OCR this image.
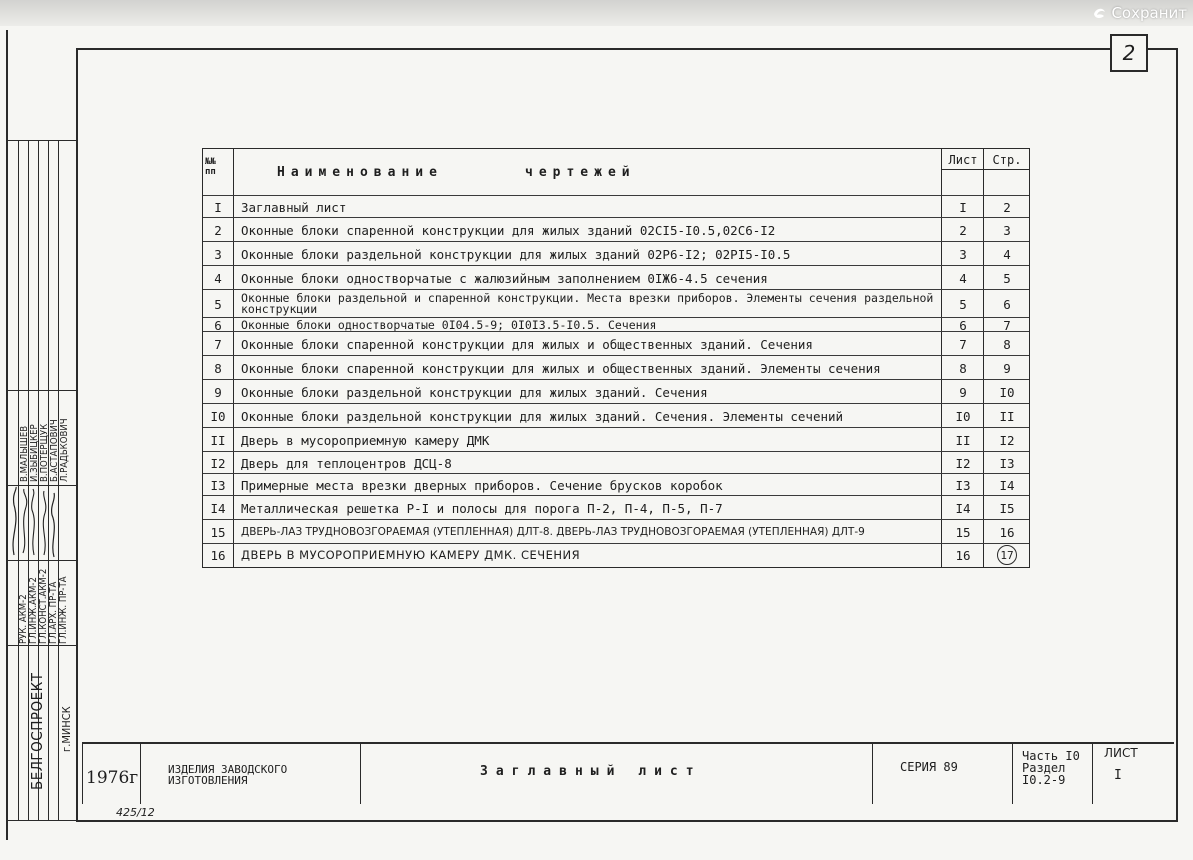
Сохранит
2
В.МАЛЫШЕВ И.ЗЫБИЦКЕР В.ПОТЕРЩУК Б.АСТАПОВИЧ Л.РАДЬКОВИЧ
РУК. АКМ-2 ГЛ.ИНЖ.АКМ-2 ГЛ.КОНСТ.АКМ-2 ГЛ.АРХ. ПР-ТА ГЛ.ИНЖ. ПР-ТА
БЕЛГОСПРОЕКТ г.МИНСК
№№ пп	Наименование	чертежей
Лист	Стр.
I	Заглавный лист	I	2
2	Оконные блоки спаренной конструкции для жилых зданий 02СI5-I0.5,02С6-I2	2	3
3	Оконные блоки раздельной конструкции для жилых зданий 02Р6-I2; 02РI5-I0.5	3	4
4	Оконные блоки одностворчатые с жалюзийным заполнением 0IЖ6-4.5 сечения	4	5
5	Оконные блоки раздельной и спаренной конструкции. Места врезки приборов. Элементы сечения раздельной конструкции	5	6
6	Оконные блоки одностворчатые 0I04.5-9; 0I0I3.5-I0.5. Сечения	6	7
7	Оконные блоки спаренной конструкции для жилых и общественных зданий. Сечения	7	8
8	Оконные блоки спаренной конструкции для жилых и общественных зданий. Элементы сечения	8	9
9	Оконные блоки раздельной конструкции для жилых зданий. Сечения	9	I0
I0	Оконные блоки раздельной конструкции для жилых зданий. Сечения. Элементы сечений	I0	II
II	Дверь в мусороприемную камеру ДМК	II	I2
I2	Дверь для теплоцентров ДСЦ-8	I2	I3
I3	Примерные места врезки дверных приборов. Сечение брусков коробок	I3	I4
I4	Металлическая решетка Р-I и полосы для порога П-2, П-4, П-5, П-7	I4	I5
15	ДВЕРЬ-ЛАЗ ТРУДНОВОЗГОРАЕМАЯ (УТЕПЛЕННАЯ) ДЛТ-8. ДВЕРЬ-ЛАЗ ТРУДНОВОЗГОРАЕМАЯ (УТЕПЛЕННАЯ) ДЛТ-9	15	16
16	ДВЕРЬ В МУСОРОПРИЕМНУЮ КАМЕРУ ДМК. СЕЧЕНИЯ	16	17
1976г	ИЗДЕЛИЯ ЗАВОДСКОГО ИЗГОТОВЛЕНИЯ
Заглавный лист	СЕРИЯ 89
Часть I0
Раздел
I0.2-9
ЛИСТ
I
425/12
